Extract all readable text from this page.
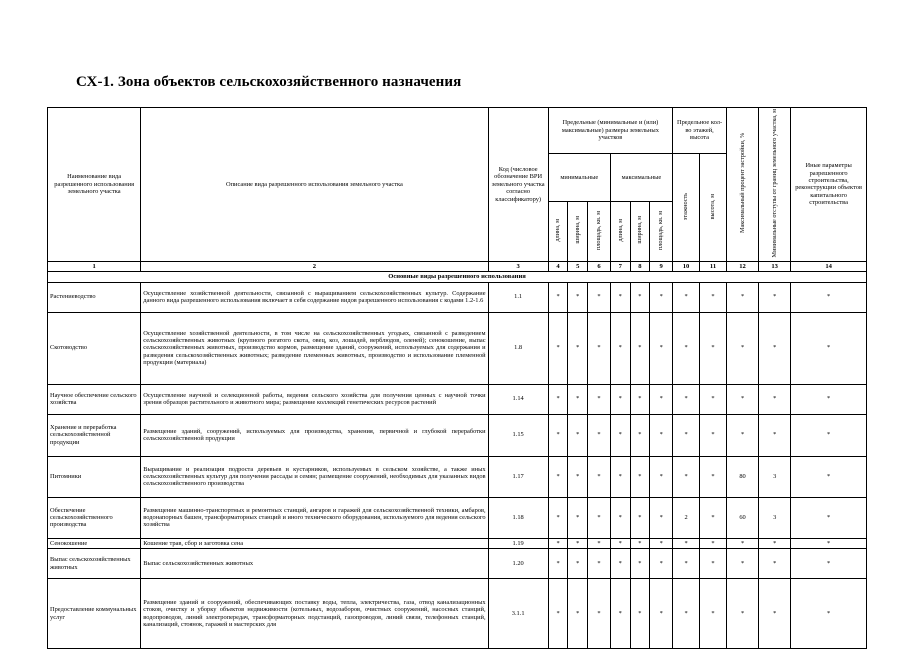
СХ-1. Зона объектов сельскохозяйственного назначения
Наименование вида разрешенного использования земельного участка	Описание вида разрешенного использования земельного участка	Код (числовое обозначение ВРИ земельного участка согласно классификатору)	Предельные (минимальные и (или) максимальные) размеры земельных участков						Предельное кол-во этажей, высота		Максимальный процент застройки, %	Минимальные отступы от границ земельного участка, м	Иные параметры разрешенного строительства, реконструкции объектов капитального строительства
			минимальные			максимальные			этажность	высота, м			
			длина, м	ширина, м	площадь, кв. м	длина, м	ширина, м	площадь, кв. м					
1	2	3	4	5	6	7	8	9	10	11	12	13	14
Основные виды разрешенного использования													
Растениеводство	Осуществление хозяйственной деятельности, связанной с выращиванием сельскохозяйственных культур. Содержание данного вида разрешенного использования включает в себя содержание видов разрешенного использования с кодами 1.2-1.6	1.1	*	*	*	*	*	*	*	*	*	*	*
Скотоводство	Осуществление хозяйственной деятельности, в том числе на сельскохозяйственных угодьях, связанной с разведением сельскохозяйственных животных (крупного рогатого скота, овец, коз, лошадей, верблюдов, оленей); сенокошение, выпас сельскохозяйственных животных, производство кормов, размещение зданий, сооружений, используемых для содержания и разведения сельскохозяйственных животных; разведение племенных животных, производство и использование племенной продукции (материала)	1.8	*	*	*	*	*	*	*	*	*	*	*
Научное обеспечение сельского хозяйства	Осуществление научной и селекционной работы, ведения сельского хозяйства для получения ценных с научной точки зрения образцов растительного и животного мира; размещение коллекций генетических ресурсов растений	1.14	*	*	*	*	*	*	*	*	*	*	*
Хранение и переработка сельскохозяйственной продукции	Размещение зданий, сооружений, используемых для производства, хранения, первичной и глубокой переработки сельскохозяйственной продукции	1.15	*	*	*	*	*	*	*	*	*	*	*
Питомники	Выращивание и реализация подроста деревьев и кустарников, используемых в сельском хозяйстве, а также иных сельскохозяйственных культур для получения рассады и семян; размещение сооружений, необходимых для указанных видов сельскохозяйственного производства	1.17	*	*	*	*	*	*	*	*	80	3	*
Обеспечение сельскохозяйственного производства	Размещение машинно-транспортных и ремонтных станций, ангаров и гаражей для сельскохозяйственной техники, амбаров, водонапорных башен, трансформаторных станций и иного технического оборудования, используемого для ведения сельского хозяйства	1.18	*	*	*	*	*	*	2	*	60	3	*
Сенокошение	Кошение трав, сбор и заготовка сена	1.19	*	*	*	*	*	*	*	*	*	*	*
Выпас сельскохозяйственных животных	Выпас сельскохозяйственных животных	1.20	*	*	*	*	*	*	*	*	*	*	*
Предоставление коммунальных услуг	Размещение зданий и сооружений, обеспечивающих поставку воды, тепла, электричества, газа, отвод канализационных стоков, очистку и уборку объектов недвижимости (котельных, водозаборов, очистных сооружений, насосных станций, водопроводов, линий электропередач, трансформаторных подстанций, газопроводов, линий связи, телефонных станций, канализаций, стоянок, гаражей и мастерских для	3.1.1	*	*	*	*	*	*	*	*	*	*	*
